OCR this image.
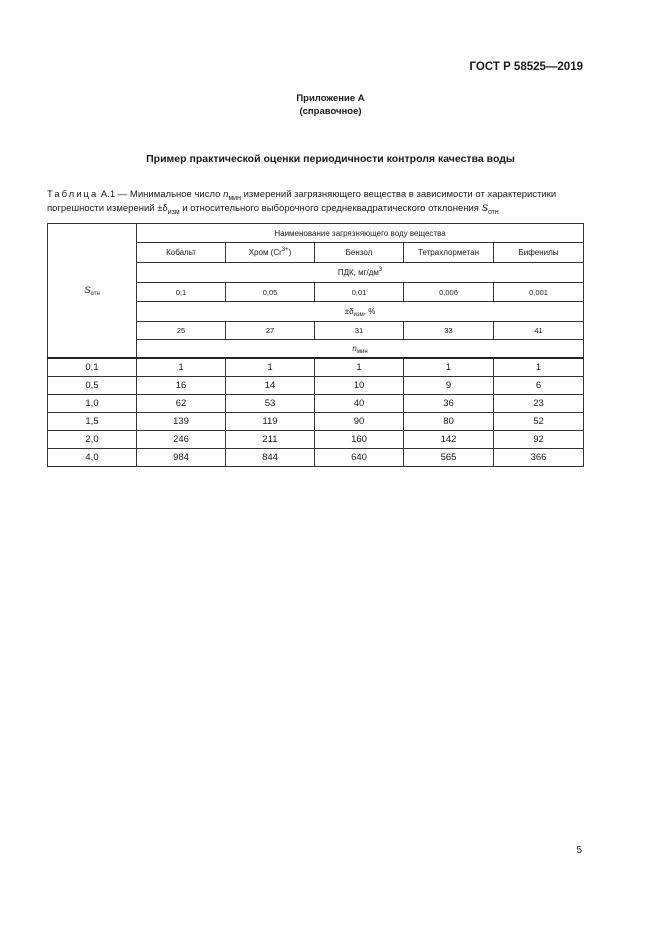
ГОСТ Р 58525—2019
Приложение А
(справочное)
Пример практической оценки периодичности контроля качества воды
Таблица А.1 — Минимальное число $n_{мин}$ измерений загрязняющего вещества в зависимости от характеристики погрешности измерений $\pm\delta_{изм}$ и относительного выборочного среднеквадратического отклонения $S_{отн}$
$S_{отн}$	Наименование загрязняющего воду вещества				
	Кобальт	Хром $(Cr^{3+})$	Бензол	Тетрахлорметан	Бифенилы
	ПДК, $мг/дм^3$
	0,1	0,05	0,01	0,006	0,001
	$\pm\delta_{изм}$, %				
	25	27	31	33	41
	$n_{мин}$
0,1	1	1	1	1	1
0,5	16	14	10	9	6
1,0	62	53	40	36	23
1,5	139	119	90	80	52
2,0	246	211	160	142	92
4,0	984	844	640	565	366
5
